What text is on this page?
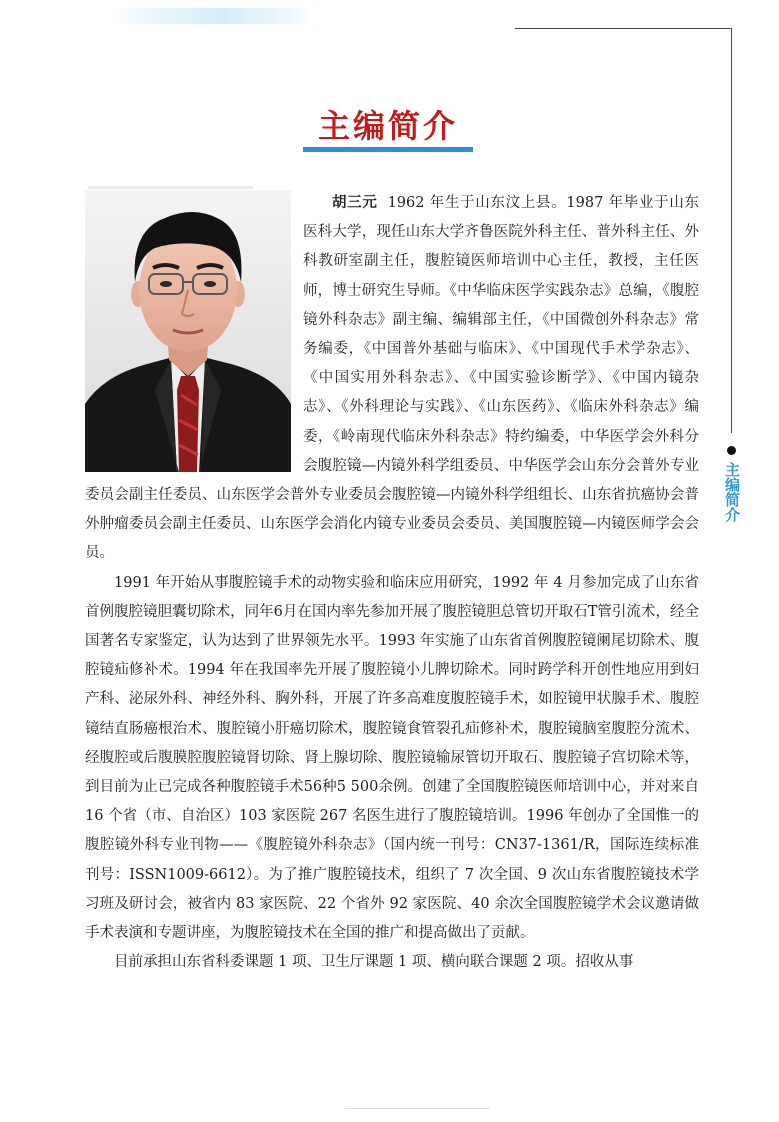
主编简介
主编简介

胡三元 1962 年生于山东汶上县。1987 年毕业于山东医科大学，现任山东大学齐鲁医院外科主任、普外科主任、外科教研室副主任，腹腔镜医师培训中心主任，教授，主任医师，博士研究生导师。《中华临床医学实践杂志》总编，《腹腔镜外科杂志》副主编、编辑部主任，《中国微创外科杂志》常务编委，《中国普外基础与临床》、《中国现代手术学杂志》、《中国实用外科杂志》、《中国实验诊断学》、《中国内镜杂志》、《外科理论与实践》、《山东医药》、《临床外科杂志》编委，《岭南现代临床外科杂志》特约编委，中华医学会外科分会腹腔镜—内镜外科学组委员、中华医学会山东分会普外专业委员会副主任委员、山东医学会普外专业委员会腹腔镜—内镜外科学组组长、山东省抗癌协会普外肿瘤委员会副主任委员、山东医学会消化内镜专业委员会委员、美国腹腔镜—内镜医师学会会员。

1991 年开始从事腹腔镜手术的动物实验和临床应用研究，1992 年 4 月参加完成了山东省首例腹腔镜胆囊切除术，同年6月在国内率先参加开展了腹腔镜胆总管切开取石T管引流术，经全国著名专家鉴定，认为达到了世界领先水平。1993 年实施了山东省首例腹腔镜阑尾切除术、腹腔镜疝修补术。1994 年在我国率先开展了腹腔镜小儿脾切除术。同时跨学科开创性地应用到妇产科、泌尿外科、神经外科、胸外科，开展了许多高难度腹腔镜手术，如腔镜甲状腺手术、腹腔镜结直肠癌根治术、腹腔镜小肝癌切除术，腹腔镜食管裂孔疝修补术，腹腔镜脑室腹腔分流术、经腹腔或后腹膜腔腹腔镜肾切除、肾上腺切除、腹腔镜输尿管切开取石、腹腔镜子宫切除术等，到目前为止已完成各种腹腔镜手术56种5 500余例。创建了全国腹腔镜医师培训中心，并对来自 16 个省（市、自治区）103 家医院 267 名医生进行了腹腔镜培训。1996 年创办了全国惟一的腹腔镜外科专业刊物——《腹腔镜外科杂志》（国内统一刊号：CN37-1361/R，国际连续标准刊号：ISSN1009-6612）。为了推广腹腔镜技术，组织了 7 次全国、9 次山东省腹腔镜技术学习班及研讨会，被省内 83 家医院、22 个省外 92 家医院、40 余次全国腹腔镜学术会议邀请做手术表演和专题讲座，为腹腔镜技术在全国的推广和提高做出了贡献。

目前承担山东省科委课题 1 项、卫生厅课题 1 项、横向联合课题 2 项。招收从事
